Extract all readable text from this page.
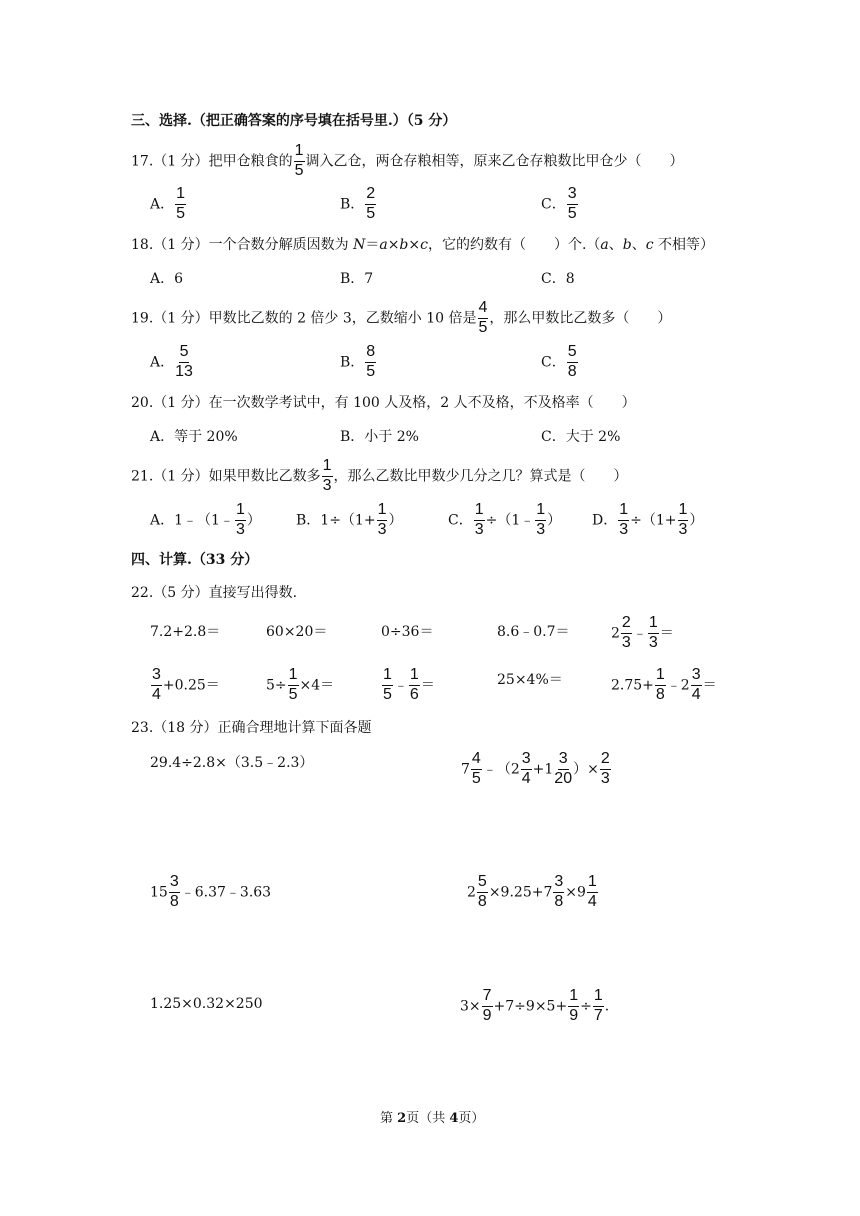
三、选择.（把正确答案的序号填在括号里.）（5 分）
17.（1 分）把甲仓粮食的 $\frac{1}{5}$ 调入乙仓，两仓存粮相等，原来乙仓存粮数比甲仓少（　　）
A． $\frac{1}{5}$	B． $\frac{2}{5}$	C． $\frac{3}{5}$
18.（1 分）一个合数分解质因数为 N＝a×b×c，它的约数有（　　）个.（a、b、c 不相等）
A．6	B．7	C．8
19.（1 分）甲数比乙数的 2 倍少 3，乙数缩小 10 倍是 $\frac{4}{5}$ ，那么甲数比乙数多（　　）
A． $\frac{5}{13}$	B． $\frac{8}{5}$	C． $\frac{5}{8}$
20.（1 分）在一次数学考试中，有 100 人及格，2 人不及格，不及格率（　　）
A．等于 20%	B．小于 2%	C．大于 2%
21.（1 分）如果甲数比乙数多 $\frac{1}{3}$ ，那么乙数比甲数少几分之几？算式是（　　）
A．1﹣（1﹣ $\frac{1}{3}$ ）	B．$1\div(1+ \frac{1}{3}$ ）	C． $\frac{1}{3}$ ÷（1﹣ $\frac{1}{3}$ ） D． $\frac{1}{3} \div(1+ \frac{1}{3}$ ）
四、计算.（33 分）
22.（5 分）直接写出得数.
7.2+2.8＝	60×20＝	0÷36＝	8.6﹣0.7＝	$2 \frac{2}{3}$ ﹣ $\frac{1}{3}$ ＝
$\frac{3}{4} +0.25=$	$5\div \frac{1}{5} \times 4=$	$\frac{1}{5}$ ﹣ $\frac{1}{6}$ ＝	25×4%＝	$2.75+ \frac{1}{8}$ ﹣2 $\frac{3}{4}$ ＝
23.（18 分）正确合理地计算下面各题
29.4÷2.8×（3.5﹣2.3）	$7 \frac{4}{5}$ ﹣（2 $\frac{3}{4} +1 \frac{3}{20}$ ）× $\frac{2}{3}$
$15 \frac{3}{8}$ ﹣6.37﹣3.63	$2 \frac{5}{8} \times 9.25+7 \frac{3}{8} \times 9 \frac{1}{4}$
1.25×0.32×250	$3\times \frac{7}{9} +7\div 9\times 5+ \frac{1}{9} \div \frac{1}{7}$ .
第 2页（共 4页）
